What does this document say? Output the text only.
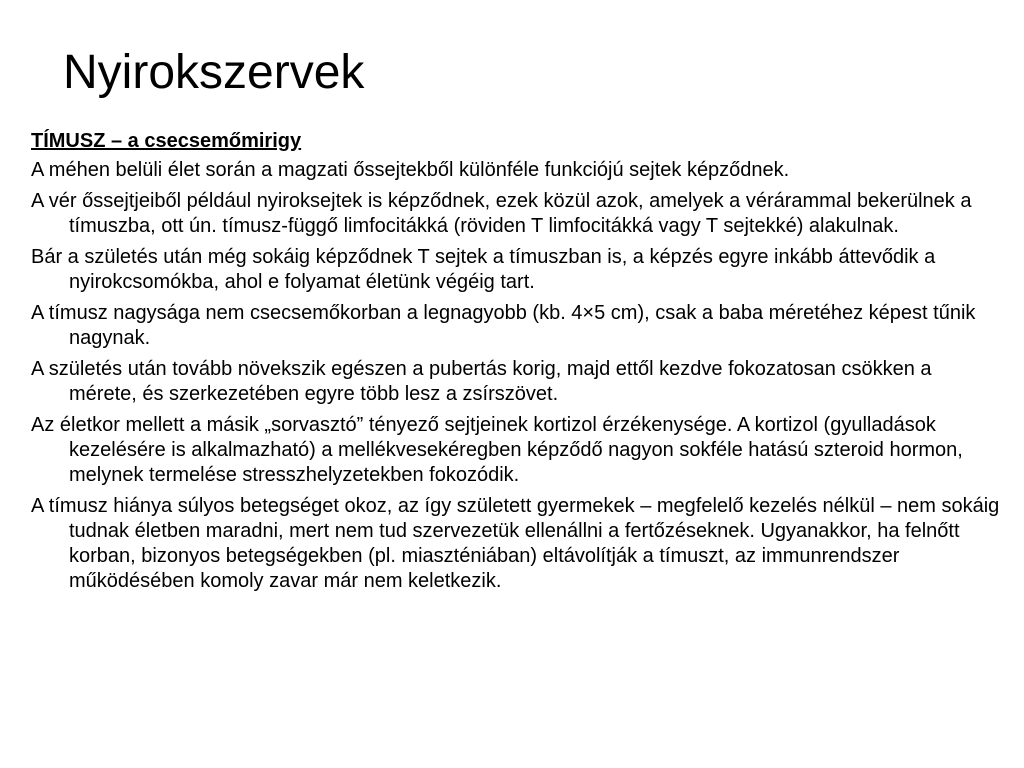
Nyirokszervek

TÍMUSZ – a csecsemőmirigy

A méhen belüli élet során a magzati őssejtekből különféle funkciójú sejtek képződnek.

A vér őssejtjeiből például nyiroksejtek is képződnek, ezek közül azok, amelyek a vérárammal bekerülnek a tímuszba, ott ún. tímusz-függő limfocitákká (röviden T limfocitákká vagy T sejtekké) alakulnak.

Bár a születés után még sokáig képződnek T sejtek a tímuszban is, a képzés egyre inkább áttevődik a nyirokcsomókba, ahol e folyamat életünk végéig tart.

A tímusz nagysága nem csecsemőkorban a legnagyobb (kb. 4×5 cm), csak a baba méretéhez képest tűnik nagynak.

A születés után tovább növekszik egészen a pubertás korig, majd ettől kezdve fokozatosan csökken a mérete, és szerkezetében egyre több lesz a zsírszövet.

Az életkor mellett a másik „sorvasztó” tényező sejtjeinek kortizol érzékenysége. A kortizol (gyulladások kezelésére is alkalmazható) a mellékvesekéregben képződő nagyon sokféle hatású szteroid hormon, melynek termelése stresszhelyzetekben fokozódik.

A tímusz hiánya súlyos betegséget okoz, az így született gyermekek – megfelelő kezelés nélkül – nem sokáig tudnak életben maradni, mert nem tud szervezetük ellenállni a fertőzéseknek. Ugyanakkor, ha felnőtt korban, bizonyos betegségekben (pl. miaszténiában) eltávolítják a tímuszt, az immunrendszer működésében komoly zavar már nem keletkezik.
